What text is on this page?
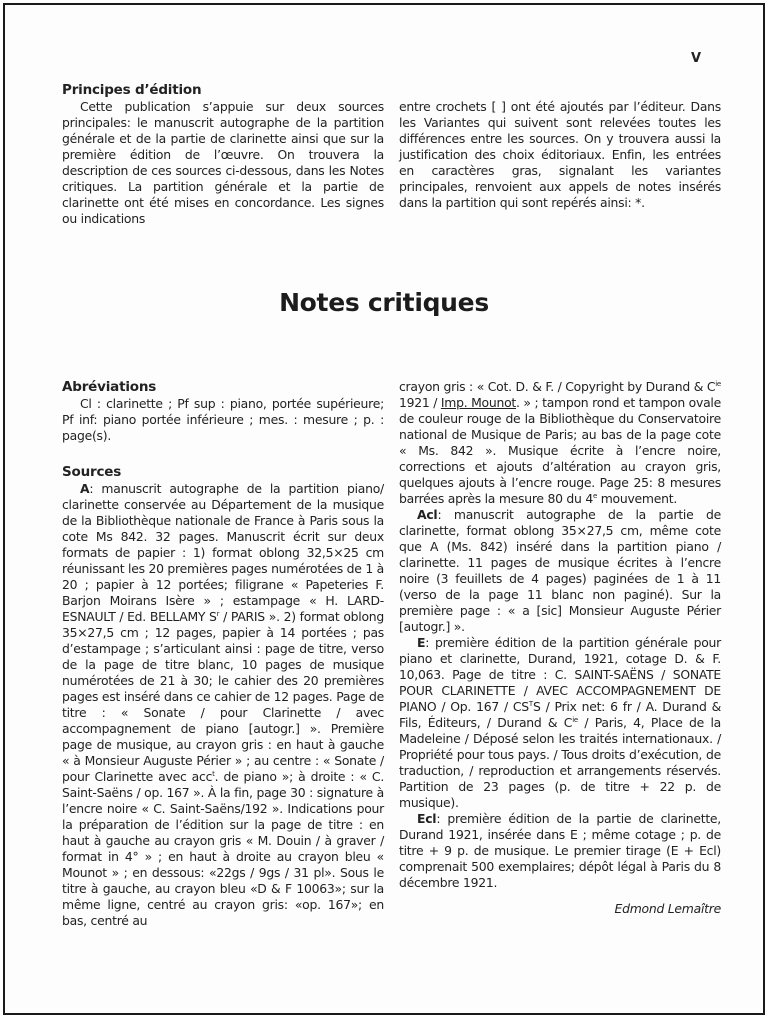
V
Principes d’édition

Cette publication s’appuie sur deux sources principales: le manuscrit autographe de la partition générale et de la partie de clarinette ainsi que sur la première édition de l’œuvre. On trouvera la description de ces sources ci-dessous, dans les Notes critiques. La partition générale et la partie de clarinette ont été mises en concordance. Les signes ou indications

entre crochets [ ] ont été ajoutés par l’éditeur. Dans les Variantes qui suivent sont relevées toutes les différences entre les sources. On y trouvera aussi la justification des choix éditoriaux. Enfin, les entrées en caractères gras, signalant les variantes principales, renvoient aux appels de notes insérés dans la partition qui sont repérés ainsi: *.

Notes critiques
Abréviations

Cl : clarinette ; Pf sup : piano, portée supérieure; Pf inf: piano portée inférieure ; mes. : mesure ; p. : page(s).

Sources

A: manuscrit autographe de la partition piano/ clarinette conservée au Département de la musique de la Bibliothèque nationale de France à Paris sous la cote Ms 842. 32 pages. Manuscrit écrit sur deux formats de papier : 1) format oblong 32,5×25 cm réunissant les 20 premières pages numérotées de 1 à 20 ; papier à 12 portées; filigrane « Papeteries F. Barjon Moirans Isère » ; estampage « H. LARD-ESNAULT / Ed. BELLAMY $S^r$ / PARIS ». 2) format oblong 35×27,5 cm ; 12 pages, papier à 14 portées ; pas d’estampage ; s’articulant ainsi : page de titre, verso de la page de titre blanc, 10 pages de musique numérotées de 21 à 30; le cahier des 20 premières pages est inséré dans ce cahier de 12 pages. Page de titre : « Sonate / pour Clarinette / avec accompagnement de piano [autogr.] ». Première page de musique, au crayon gris : en haut à gauche « à Monsieur Auguste Périer » ; au centre : « Sonate / pour Clarinette avec acc$^t$. de piano »; à droite : « C. Saint-Saëns / op. 167 ». À la fin, page 30 : signature à l’encre noire « C. Saint-Saëns/192 ». Indications pour la préparation de l’édition sur la page de titre : en haut à gauche au crayon gris « M. Douin / à graver / format in 4° » ; en haut à droite au crayon bleu « Mounot » ; en dessous: «22gs / 9gs / 31 pl». Sous le titre à gauche, au crayon bleu «D & F 10063»; sur la même ligne, centré au crayon gris: «op. 167»; en bas, centré au

crayon gris : « Cot. D. & F. / Copyright by Durand & $C^{ie}$ 1921 / Imp. Mounot. » ; tampon rond et tampon ovale de couleur rouge de la Bibliothèque du Conservatoire national de Musique de Paris; au bas de la page cote « Ms. 842 ». Musique écrite à l’encre noire, corrections et ajouts d’altération au crayon gris, quelques ajouts à l’encre rouge. Page 25: 8 mesures barrées après la mesure 80 du 4e mouvement.

Acl: manuscrit autographe de la partie de clarinette, format oblong 35×27,5 cm, même cote que A (Ms. 842) inséré dans la partition piano / clarinette. 11 pages de musique écrites à l’encre noire (3 feuillets de 4 pages) paginées de 1 à 11 (verso de la page 11 blanc non paginé). Sur la première page : « a [sic] Monsieur Auguste Périer [autogr.] ».

E: première édition de la partition générale pour piano et clarinette, Durand, 1921, cotage D. & F. 10,063. Page de titre : C. SAINT-SAËNS / SONATE POUR CLARINETTE / AVEC ACCOMPAGNEMENT DE PIANO / Op. $167 / CS^TS$ / Prix net: 6 fr / A. Durand & Fils, Éditeurs, / Durand & $C^{ie}$ / Paris, 4, Place de la Madeleine / Déposé selon les traités internationaux. / Propriété pour tous pays. / Tous droits d’exécution, de traduction, / reproduction et arrangements réservés. Partition de 23 pages (p. de titre + 22 p. de musique).

Ecl: première édition de la partie de clarinette, Durand 1921, insérée dans E ; même cotage ; p. de titre + 9 p. de musique. Le premier tirage (E + Ecl) comprenait 500 exemplaires; dépôt légal à Paris du 8 décembre 1921.

Edmond Lemaître
